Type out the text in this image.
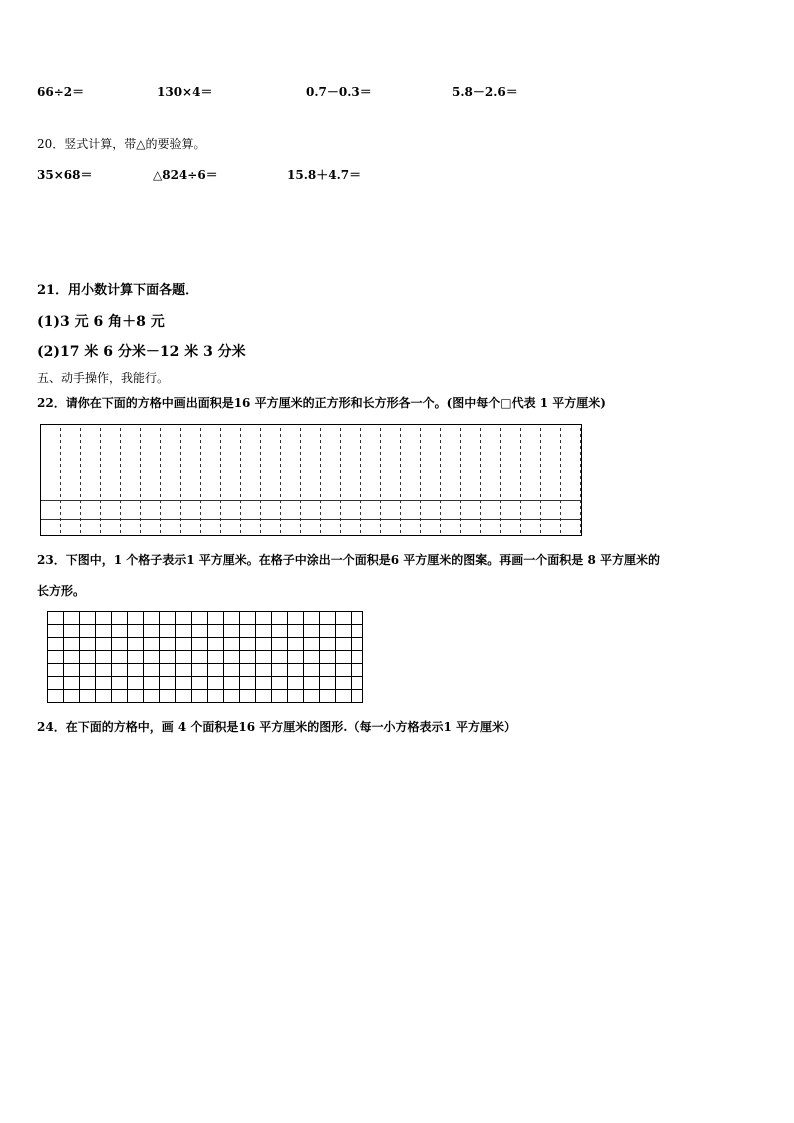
66÷2＝	130×4＝	0.7－0.3＝	5.8－2.6＝
20．竖式计算，带△的要验算。
35×68＝	△824÷6＝	15.8＋4.7＝
21．用小数计算下面各题．
(1)3 元 6 角＋8 元
(2)17 米 6 分米－12 米 3 分米
五、动手操作，我能行。
22．请你在下面的方格中画出面积是16 平方厘米的正方形和长方形各一个。(图中每个□代表 1 平方厘米)
23．下图中，1 个格子表示1 平方厘米。在格子中涂出一个面积是6 平方厘米的图案。再画一个面积是 8 平方厘米的
长方形。
24．在下面的方格中，画 4 个面积是16 平方厘米的图形.（每一小方格表示1 平方厘米）
